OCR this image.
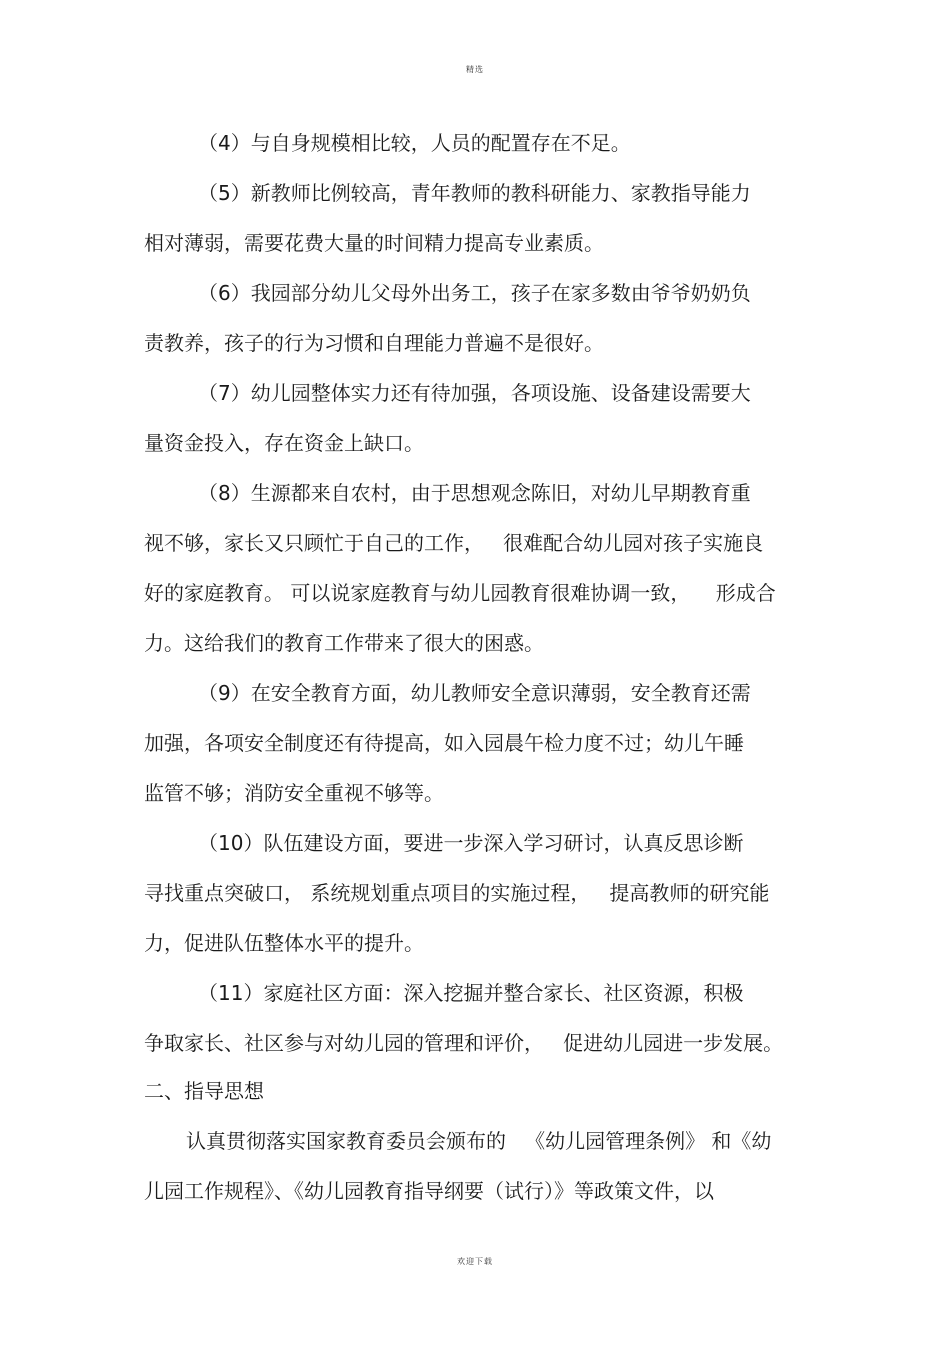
精选
（4）与自身规模相比较，人员的配置存在不足。
（5）新教师比例较高，青年教师的教科研能力、家教指导能力
相对薄弱，需要花费大量的时间精力提高专业素质。
（6）我园部分幼儿父母外出务工，孩子在家多数由爷爷奶奶负
责教养，孩子的行为习惯和自理能力普遍不是很好。
（7）幼儿园整体实力还有待加强，各项设施、设备建设需要大
量资金投入，存在资金上缺口。
（8）生源都来自农村，由于思想观念陈旧，对幼儿早期教育重
视不够，家长又只顾忙于自己的工作，   很难配合幼儿园对孩子实施良
好的家庭教育。 可以说家庭教育与幼儿园教育很难协调一致，    形成合
力。这给我们的教育工作带来了很大的困惑。
（9）在安全教育方面，幼儿教师安全意识薄弱，安全教育还需
加强，各项安全制度还有待提高，如入园晨午检力度不过；幼儿午睡
监管不够；消防安全重视不够等。
（10）队伍建设方面，要进一步深入学习研讨，认真反思诊断
寻找重点突破口， 系统规划重点项目的实施过程，   提高教师的研究能
力，促进队伍整体水平的提升。
（11）家庭社区方面：深入挖掘并整合家长、社区资源，积极
争取家长、社区参与对幼儿园的管理和评价，   促进幼儿园进一步发展。
二、指导思想
认真贯彻落实国家教育委员会颁布的   《幼儿园管理条例》 和《幼
儿园工作规程》、《幼儿园教育指导纲要（试行）》等政策文件，以
欢迎下载
